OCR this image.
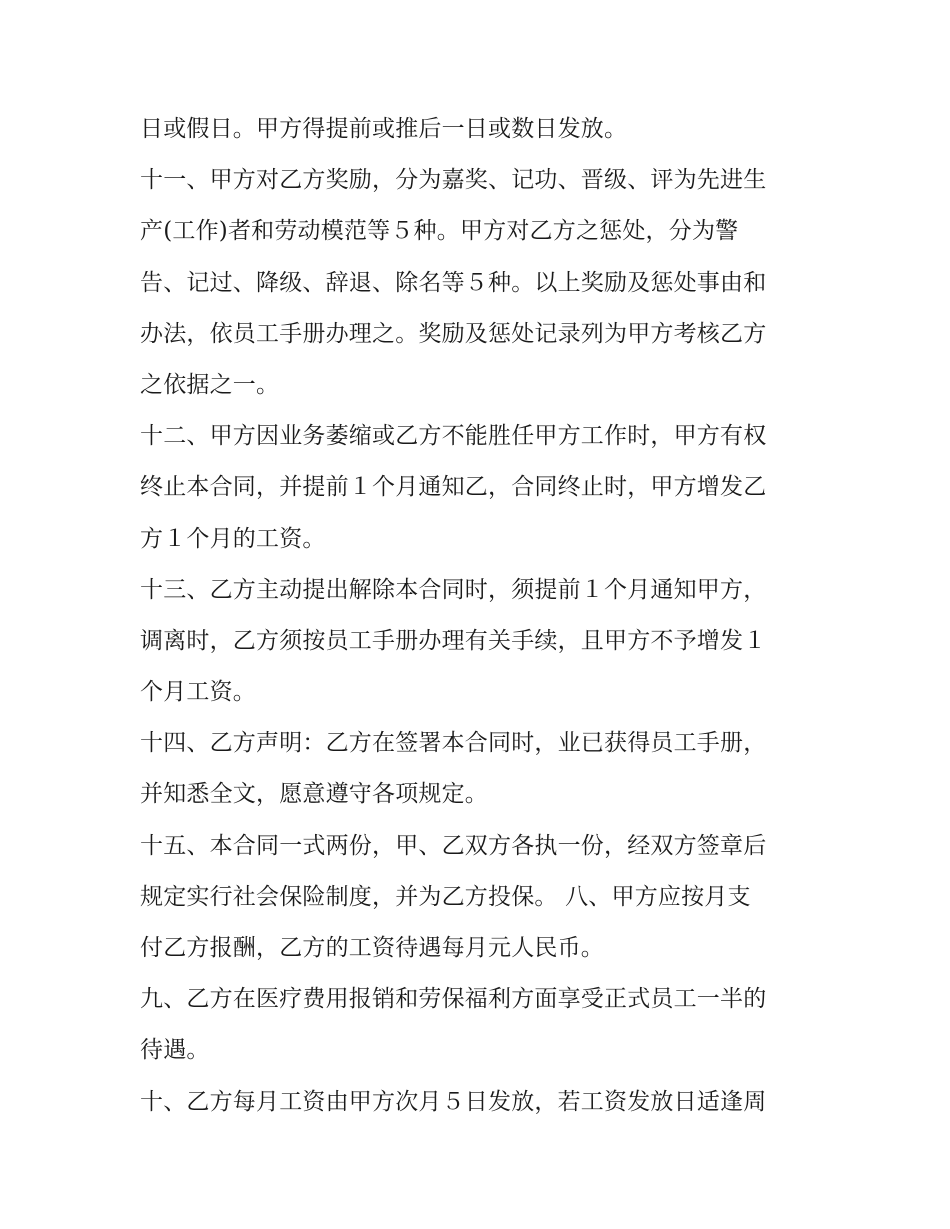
日或假日。甲方得提前或推后一日或数日发放。
十一、甲方对乙方奖励，分为嘉奖、记功、晋级、评为先进生
产(工作)者和劳动模范等５种。甲方对乙方之惩处，分为警
告、记过、降级、辞退、除名等５种。以上奖励及惩处事由和
办法，依员工手册办理之。奖励及惩处记录列为甲方考核乙方
之依据之一。
十二、甲方因业务萎缩或乙方不能胜任甲方工作时，甲方有权
终止本合同，并提前１个月通知乙，合同终止时，甲方增发乙
方１个月的工资。
十三、乙方主动提出解除本合同时，须提前１个月通知甲方，
调离时，乙方须按员工手册办理有关手续，且甲方不予增发１
个月工资。
十四、乙方声明：乙方在签署本合同时，业已获得员工手册，
并知悉全文，愿意遵守各项规定。
十五、本合同一式两份，甲、乙双方各执一份，经双方签章后
规定实行社会保险制度，并为乙方投保。 八、甲方应按月支
付乙方报酬，乙方的工资待遇每月元人民币。
九、乙方在医疗费用报销和劳保福利方面享受正式员工一半的
待遇。
十、乙方每月工资由甲方次月５日发放，若工资发放日适逢周
